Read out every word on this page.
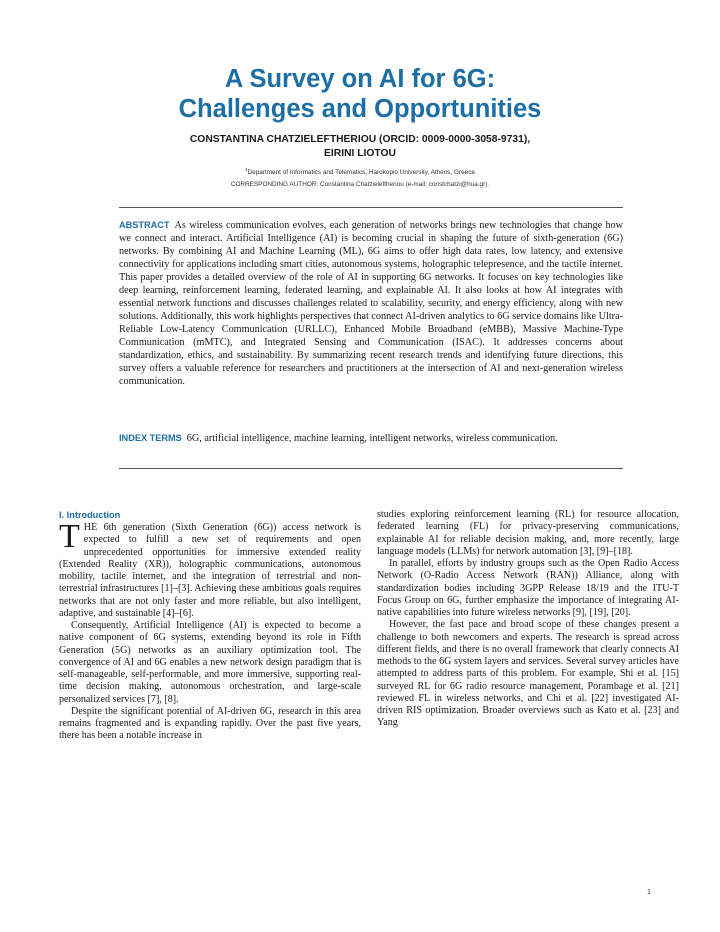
A Survey on AI for 6G:
Challenges and Opportunities
CONSTANTINA CHATZIELEFTHERIOU (ORCID: 0009-0000-3058-9731),
EIRINI LIOTOU
$^1$Department of Informatics and Telematics, Harokopio University, Athens, Greece
CORRESPONDING AUTHOR: Constantina Chatzieleftheriou (e-mail: constchatzi@hua.gr).

ABSTRACT As wireless communication evolves, each generation of networks brings new technologies that change how we connect and interact. Artificial Intelligence (AI) is becoming crucial in shaping the future of sixth-generation (6G) networks. By combining AI and Machine Learning (ML), 6G aims to offer high data rates, low latency, and extensive connectivity for applications including smart cities, autonomous systems, holographic telepresence, and the tactile internet. This paper provides a detailed overview of the role of AI in supporting 6G networks. It focuses on key technologies like deep learning, reinforcement learning, federated learning, and explainable AI. It also looks at how AI integrates with essential network functions and discusses challenges related to scalability, security, and energy efficiency, along with new solutions. Additionally, this work highlights perspectives that connect AI-driven analytics to 6G service domains like Ultra-Reliable Low-Latency Communication (URLLC), Enhanced Mobile Broadband (eMBB), Massive Machine-Type Communication (mMTC), and Integrated Sensing and Communication (ISAC). It addresses concerns about standardization, ethics, and sustainability. By summarizing recent research trends and identifying future directions, this survey offers a valuable reference for researchers and practitioners at the intersection of AI and next-generation wireless communication.

INDEX TERMS 6G, artificial intelligence, machine learning, intelligent networks, wireless communication.

I. Introduction

THE 6th generation (Sixth Generation (6G)) access network is expected to fulfill a new set of requirements and open unprecedented opportunities for immersive extended reality (Extended Reality (XR)), holographic communications, autonomous mobility, tactile internet, and the integration of terrestrial and non-terrestrial infrastructures [1]–[3]. Achieving these ambitious goals requires networks that are not only faster and more reliable, but also intelligent, adaptive, and sustainable [4]–[6].

Consequently, Artificial Intelligence (AI) is expected to become a native component of 6G systems, extending beyond its role in Fifth Generation (5G) networks as an auxiliary optimization tool. The convergence of AI and 6G enables a new network design paradigm that is self-manageable, self-performable, and more immersive, supporting real-time decision making, autonomous orchestration, and large-scale personalized services [7], [8].

Despite the significant potential of AI-driven 6G, research in this area remains fragmented and is expanding rapidly. Over the past five years, there has been a notable increase in

studies exploring reinforcement learning (RL) for resource allocation, federated learning (FL) for privacy-preserving communications, explainable AI for reliable decision making, and, more recently, large language models (LLMs) for network automation [3], [9]–[18].

In parallel, efforts by industry groups such as the Open Radio Access Network (O-Radio Access Network (RAN)) Alliance, along with standardization bodies including 3GPP Release 18/19 and the ITU-T Focus Group on 6G, further emphasize the importance of integrating AI-native capabilities into future wireless networks [9], [19], [20].

However, the fast pace and broad scope of these changes present a challenge to both newcomers and experts. The research is spread across different fields, and there is no overall framework that clearly connects AI methods to the 6G system layers and services. Several survey articles have attempted to address parts of this problem. For example, Shi et al. [15] surveyed RL for 6G radio resource management, Porambage et al. [21] reviewed FL in wireless networks, and Chi et al. [22] investigated AI-driven RIS optimization. Broader overviews such as Kato et al. [23] and Yang

1
